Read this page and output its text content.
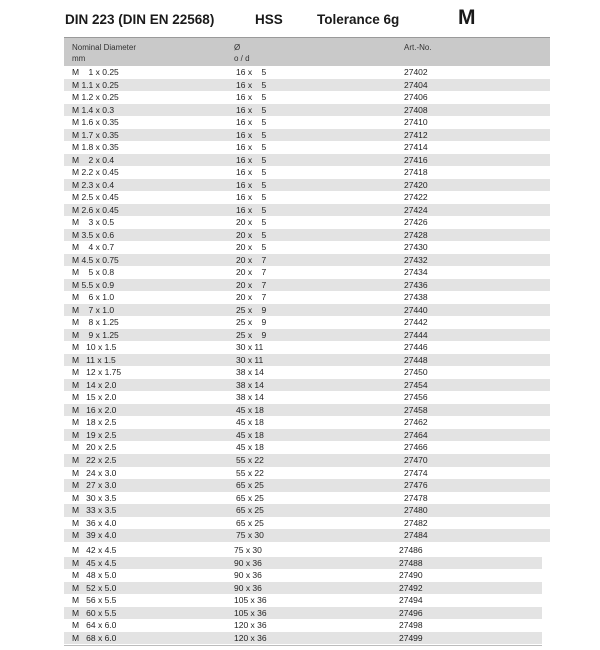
DIN 223 (DIN EN 22568)	HSS	Tolerance 6g	M
Nominal Diameter
mm
Ø
o / d
Art.-No.
M    1 x 0.25	16 x    5	27402
M 1.1 x 0.25	16 x    5	27404
M 1.2 x 0.25	16 x    5	27406
M 1.4 x 0.3	16 x    5	27408
M 1.6 x 0.35	16 x    5	27410
M 1.7 x 0.35	16 x    5	27412
M 1.8 x 0.35	16 x    5	27414
M    2 x 0.4	16 x    5	27416
M 2.2 x 0.45	16 x    5	27418
M 2.3 x 0.4	16 x    5	27420
M 2.5 x 0.45	16 x    5	27422
M 2.6 x 0.45	16 x    5	27424
M    3 x 0.5	20 x    5	27426
M 3.5 x 0.6	20 x    5	27428
M    4 x 0.7	20 x    5	27430
M 4.5 x 0.75	20 x    7	27432
M    5 x 0.8	20 x    7	27434
M 5.5 x 0.9	20 x    7	27436
M    6 x 1.0	20 x    7	27438
M    7 x 1.0	25 x    9	27440
M    8 x 1.25	25 x    9	27442
M    9 x 1.25	25 x    9	27444
M   10 x 1.5	30 x 11	27446
M   11 x 1.5	30 x 11	27448
M   12 x 1.75	38 x 14	27450
M   14 x 2.0	38 x 14	27454
M   15 x 2.0	38 x 14	27456
M   16 x 2.0	45 x 18	27458
M   18 x 2.5	45 x 18	27462
M   19 x 2.5	45 x 18	27464
M   20 x 2.5	45 x 18	27466
M   22 x 2.5	55 x 22	27470
M   24 x 3.0	55 x 22	27474
M   27 x 3.0	65 x 25	27476
M   30 x 3.5	65 x 25	27478
M   33 x 3.5	65 x 25	27480
M   36 x 4.0	65 x 25	27482
M   39 x 4.0	75 x 30	27484
M   42 x 4.5	75 x 30	27486
M   45 x 4.5	90 x 36	27488
M   48 x 5.0	90 x 36	27490
M   52 x 5.0	90 x 36	27492
M   56 x 5.5	105 x 36	27494
M   60 x 5.5	105 x 36	27496
M   64 x 6.0	120 x 36	27498
M   68 x 6.0	120 x 36	27499
